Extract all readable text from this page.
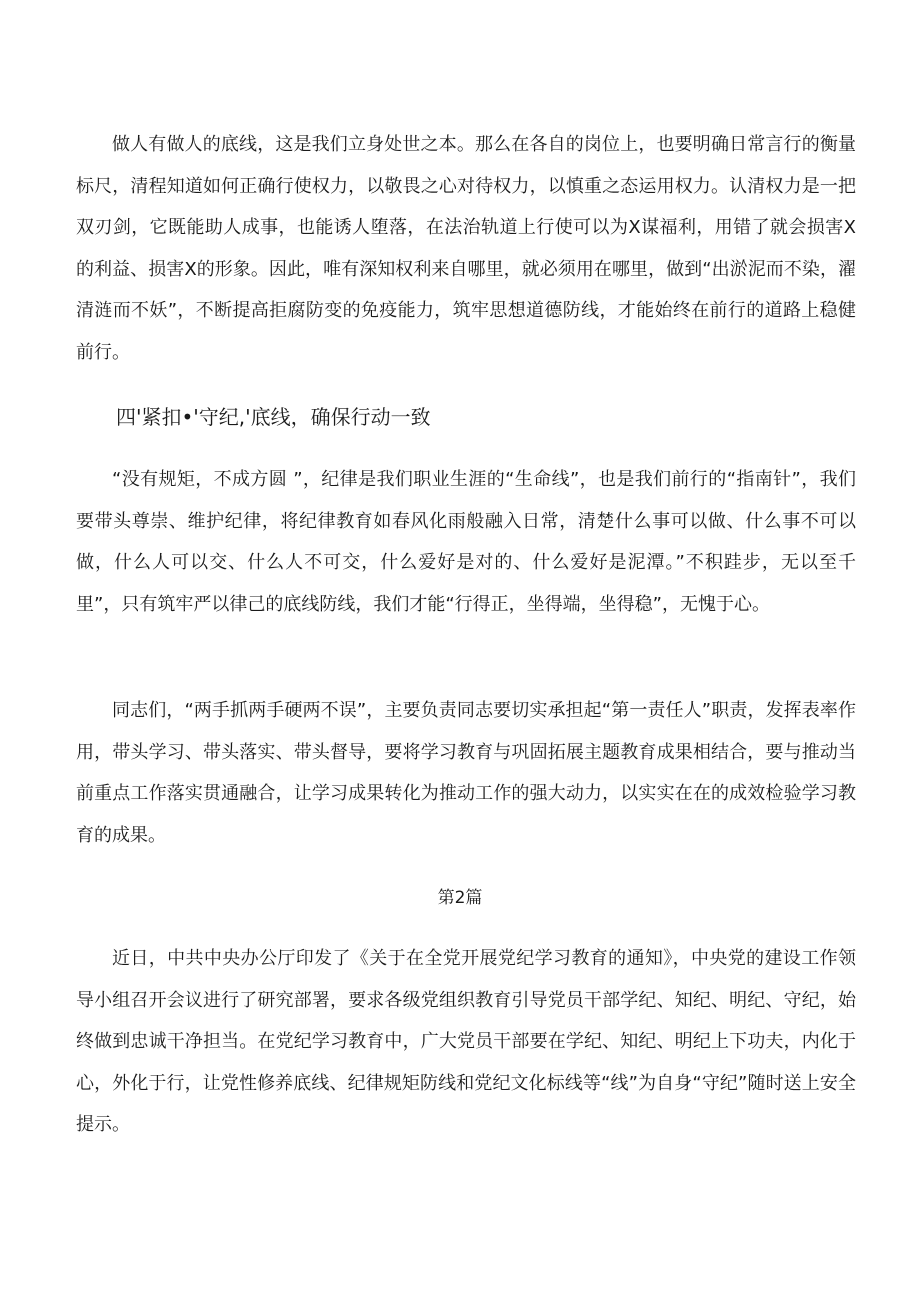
做人有做人的底线，这是我们立身处世之本。那么在各自的岗位上，也要明确日常言行的衡量标尺，清程知道如何正确行使权力，以敬畏之心对待权力，以慎重之态运用权力。认清权力是一把双刃剑，它既能助人成事，也能诱人堕落，在法治轨道上行使可以为X谋福利，用错了就会损害X的利益、损害X的形象。因此，唯有深知权利来自哪里，就必须用在哪里，做到“出淤泥而不染，濯清涟而不妖”，不断提高拒腐防变的免疫能力，筑牢思想道德防线，才能始终在前行的道路上稳健前行。

四'紧扣•'守纪,'底线，确保行动一致

“没有规矩，不成方圆 ”，纪律是我们职业生涯的“生命线”，也是我们前行的“指南针”，我们要带头尊崇、维护纪律，将纪律教育如春风化雨般融入日常，清楚什么事可以做、什么事不可以做，什么人可以交、什么人不可交，什么爱好是对的、什么爱好是泥潭。”不积跬步，无以至千里”，只有筑牢严以律己的底线防线，我们才能“行得正，坐得端，坐得稳”，无愧于心。

同志们，“两手抓两手硬两不误”，主要负责同志要切实承担起“第一责任人”职责，发挥表率作用，带头学习、带头落实、带头督导，要将学习教育与巩固拓展主题教育成果相结合，要与推动当前重点工作落实贯通融合，让学习成果转化为推动工作的强大动力，以实实在在的成效检验学习教育的成果。

第2篇

近日，中共中央办公厅印发了《关于在全党开展党纪学习教育的通知》，中央党的建设工作领导小组召开会议进行了研究部署，要求各级党组织教育引导党员干部学纪、知纪、明纪、守纪，始终做到忠诚干净担当。在党纪学习教育中，广大党员干部要在学纪、知纪、明纪上下功夫，内化于心，外化于行，让党性修养底线、纪律规矩防线和党纪文化标线等“线”为自身“守纪”随时送上安全提示。
